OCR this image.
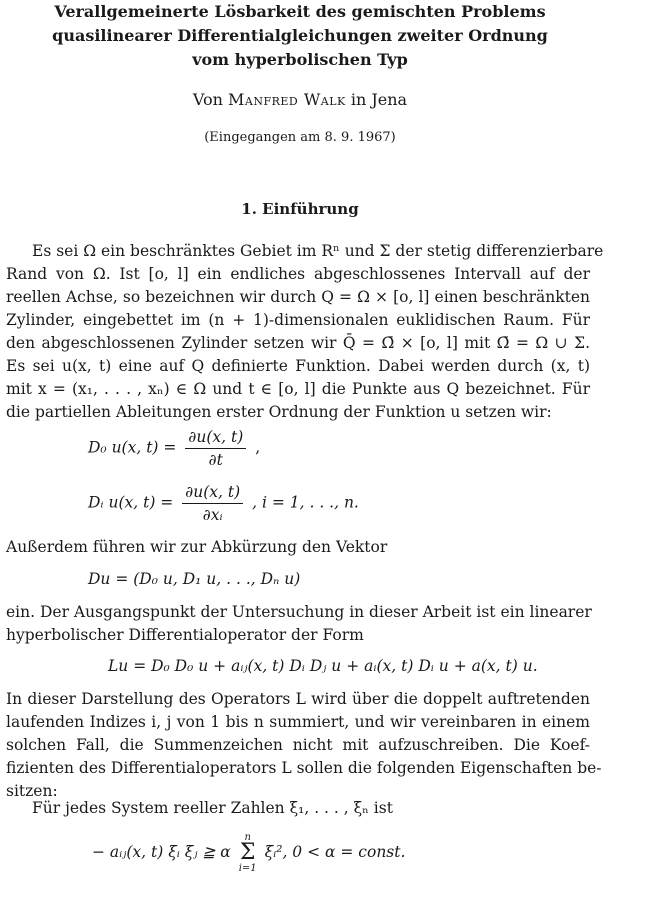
Verallgemeinerte Lösbarkeit des gemischten Problems
quasilinearer Differentialgleichungen zweiter Ordnung
vom hyperbolischen Typ
Von Manfred Walk in Jena
(Eingegangen am 8. 9. 1967)
1. Einführung
Es sei Ω ein beschränktes Gebiet im Rⁿ und Σ der stetig differenzierbare
Rand von Ω. Ist [o, l] ein endliches abgeschlossenes Intervall auf der
reellen Achse, so bezeichnen wir durch Q = Ω × [o, l] einen beschränkten
Zylinder, eingebettet im (n + 1)-dimensionalen euklidischen Raum. Für
den abgeschlossenen Zylinder setzen wir Q̄ = Ω̄ × [o, l] mit Ω̄ = Ω ∪ Σ.
Es sei u(x, t) eine auf Q definierte Funktion. Dabei werden durch (x, t)
mit x = (x₁, . . . , xₙ) ∈ Ω und t ∈ [o, l] die Punkte aus Q bezeichnet. Für
die partiellen Ableitungen erster Ordnung der Funktion u setzen wir:
D₀ u(x, $t) = \frac{\partial u(x, t)}{\partial t}$ ,
Dᵢ u(x, $t) = \frac{\partial u(x, t)}{\text{∂xᵢ}}$ , i = 1, . . ., n.
Außerdem führen wir zur Abkürzung den Vektor
Du = (D₀ u, D₁ u, . . ., Dₙ u)
ein. Der Ausgangspunkt der Untersuchung in dieser Arbeit ist ein linearer
hyperbolischer Differentialoperator der Form
Lu = D₀ D₀ u + aᵢⱼ(x, t) Dᵢ Dⱼ u + aᵢ(x, t) Dᵢ u + a(x, t) u.
In dieser Darstellung des Operators L wird über die doppelt auftretenden
laufenden Indizes i, j von 1 bis n summiert, und wir vereinbaren in einem
solchen Fall, die Summenzeichen nicht mit aufzuschreiben. Die Koef-
fizienten des Differentialoperators L sollen die folgenden Eigenschaften be-
sitzen:
Für jedes System reeller Zahlen ξ₁, . . . , ξₙ ist
− aᵢⱼ(x, t) ξᵢ ξⱼ ≧ α
n
Σ
i=1
ξᵢ², 0 < α = const.
